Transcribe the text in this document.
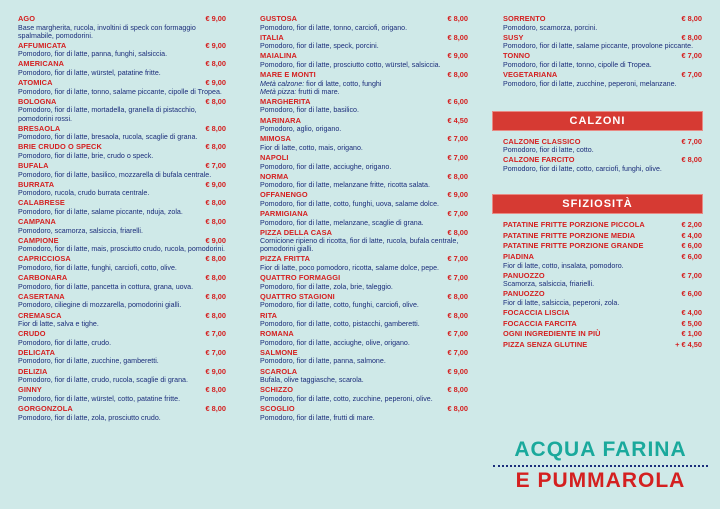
AGO	€ 9,00
Base margherita, rucola, involtini di speck con formaggio spalmabile, pomodorini.
AFFUMICATA	€ 9,00
Pomodoro, fior di latte, panna, funghi, salsiccia.
AMERICANA	€ 8,00
Pomodoro, fior di latte, würstel, patatine fritte.
ATOMICA	€ 9,00
Pomodoro, fior di latte, tonno, salame piccante, cipolle di Tropea.
BOLOGNA	€ 8,00
Pomodoro, fior di latte, mortadella, granella di pistacchio, pomodorini rossi.
BRESAOLA	€ 8,00
Pomodoro, fior di latte, bresaola, rucola, scaglie di grana.
BRIE CRUDO O SPECK	€ 8,00
Pomodoro, fior di latte, brie, crudo o speck.
BUFALA	€ 7,00
Pomodoro, fior di latte, basilico, mozzarella di bufala centrale.
BURRATA	€ 9,00
Pomodoro, rucola, crudo burrata centrale.
CALABRESE	€ 8,00
Pomodoro, fior di latte, salame piccante, nduja, zola.
CAMPANA	€ 8,00
Pomodoro, scamorza, salsiccia, friarelli.
CAMPIONE	€ 9,00
Pomodoro, fior di latte, mais, prosciutto crudo, rucola, pomodorini.
CAPRICCIOSA	€ 8,00
Pomodoro, fior di latte, funghi, carciofi, cotto, olive.
CARBONARA	€ 8,00
Pomodoro, fior di latte, pancetta in cottura, grana, uova.
CASERTANA	€ 8,00
Pomodoro, ciliegine di mozzarella, pomodorini gialli.
CREMASCA	€ 8,00
Fior di latte, salva e tighe.
CRUDO	€ 7,00
Pomodoro, fior di latte, crudo.
DELICATA	€ 7,00
Pomodoro, fior di latte, zucchine, gamberetti.
DELIZIA	€ 9,00
Pomodoro, fior di latte, crudo, rucola, scaglie di grana.
GINNY	€ 8,00
Pomodoro, fior di latte, würstel, cotto, patatine fritte.
GORGONZOLA	€ 8,00
Pomodoro, fior di latte, zola, prosciutto crudo.
GUSTOSA	€ 8,00
Pomodoro, fior di latte, tonno, carciofi, origano.
ITALIA	€ 8,00
Pomodoro, fior di latte, speck, porcini.
MAIALINA	€ 9,00
Pomodoro, fior di latte, prosciutto cotto, würstel, salsiccia.
MARE E MONTI	€ 8,00
Metà calzone: fior di latte, cotto, funghi
Metà pizza: frutti di mare.
MARGHERITA	€ 6,00
Pomodoro, fior di latte, basilico.
MARINARA	€ 4,50
Pomodoro, aglio, origano.
MIMOSA	€ 7,00
Fior di latte, cotto, mais, origano.
NAPOLI	€ 7,00
Pomodoro, fior di latte, acciughe, origano.
NORMA	€ 8,00
Pomodoro, fior di latte, melanzane fritte, ricotta salata.
OFFANENGO	€ 9,00
Pomodoro, fior di latte, cotto, funghi, uova, salame dolce.
PARMIGIANA	€ 7,00
Pomodoro, fior di latte, melanzane, scaglie di grana.
PIZZA DELLA CASA	€ 8,00
Cornicione ripieno di ricotta, fior di latte, rucola, bufala centrale, pomodorini gialli.
PIZZA FRITTA	€ 7,00
Fior di latte, poco pomodoro, ricotta, salame dolce, pepe.
QUATTRO FORMAGGI	€ 7,00
Pomodoro, fior di latte, zola, brie, taleggio.
QUATTRO STAGIONI	€ 8,00
Pomodoro, fior di latte, cotto, funghi, carciofi, olive.
RITA	€ 8,00
Pomodoro, fior di latte, cotto, pistacchi, gamberetti.
ROMANA	€ 7,00
Pomodoro, fior di latte, acciughe, olive, origano.
SALMONE	€ 7,00
Pomodoro, fior di latte, panna, salmone.
SCAROLA	€ 9,00
Bufala, olive taggiasche, scarola.
SCHIZZO	€ 8,00
Pomodoro, fior di latte, cotto, zucchine, peperoni, olive.
SCOGLIO	€ 8,00
Pomodoro, fior di latte, frutti di mare.
SORRENTO	€ 8,00
Pomodoro, scamorza, porcini.
SUSY	€ 8,00
Pomodoro, fior di latte, salame piccante, provolone piccante.
TONNO	€ 7,00
Pomodoro, fior di latte, tonno, cipolle di Tropea.
VEGETARIANA	€ 7,00
Pomodoro, fior di latte, zucchine, peperoni, melanzane.
CALZONI
CALZONE CLASSICO	€ 7,00
Pomodoro, fior di latte, cotto.
CALZONE FARCITO	€ 8,00
Pomodoro, fior di latte, cotto, carciofi, funghi, olive.
SFIZIOSITÀ
PATATINE FRITTE PORZIONE PICCOLA	€ 2,00
PATATINE FRITTE PORZIONE MEDIA	€ 4,00
PATATINE FRITTE PORZIONE GRANDE	€ 6,00
PIADINA	€ 6,00
Fior di latte, cotto, insalata, pomodoro.
PANUOZZO	€ 7,00
Scamorza, salsiccia, friarielli.
PANUOZZO	€ 6,00
Fior di latte, salsiccia, peperoni, zola.
FOCACCIA LISCIA	€ 4,00
FOCACCIA FARCITA	€ 5,00
OGNI INGREDIENTE IN PIÙ	€ 1,00
PIZZA SENZA GLUTINE	+ € 4,50
ACQUA FARINA
E PUMMAROLA
